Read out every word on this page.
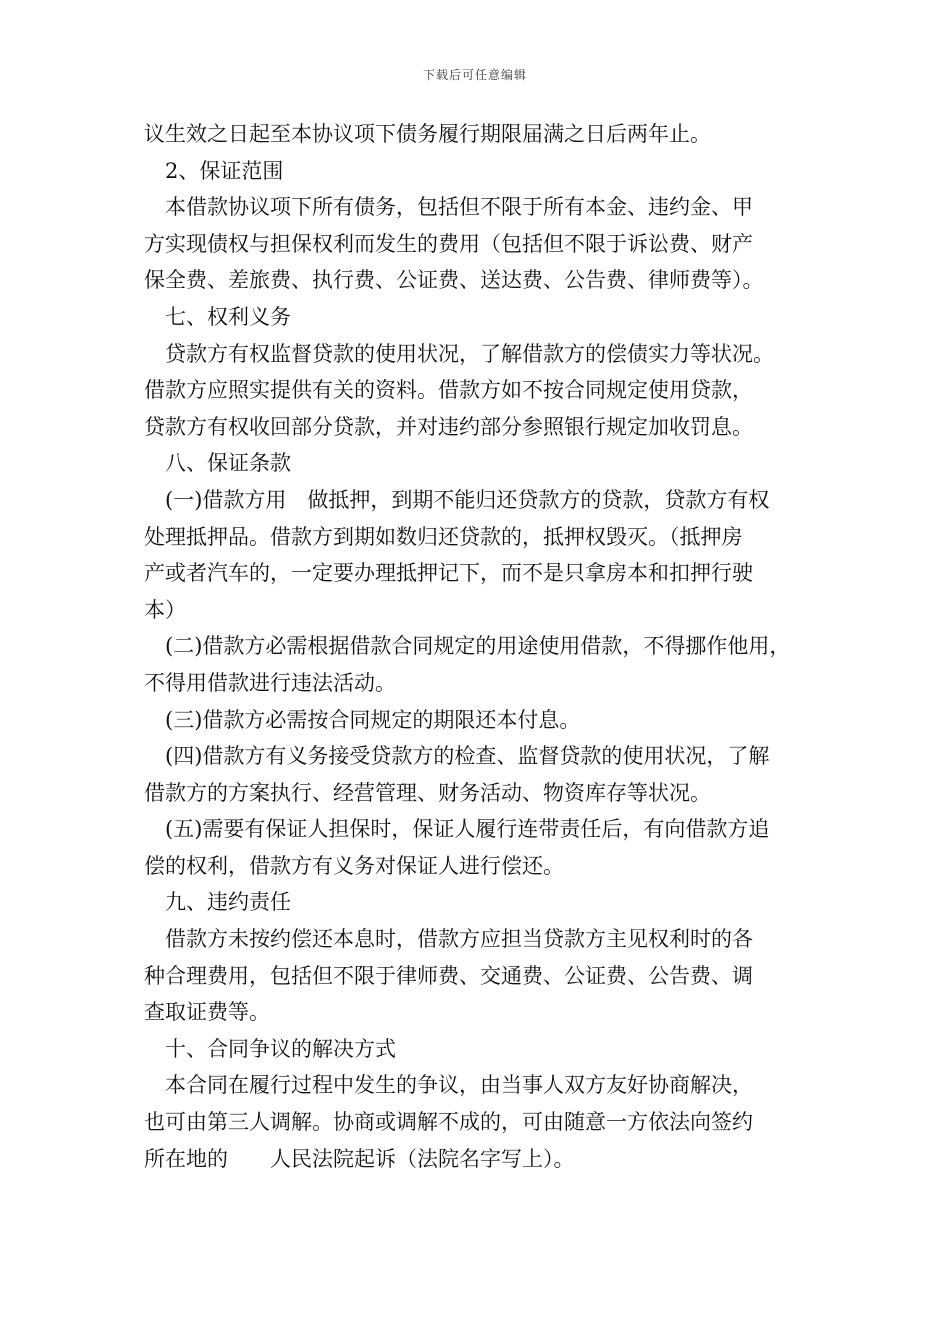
下载后可任意编辑
议生效之日起至本协议项下债务履行期限届满之日后两年止。
2、保证范围
本借款协议项下所有债务，包括但不限于所有本金、违约金、甲
方实现债权与担保权利而发生的费用（包括但不限于诉讼费、财产
保全费、差旅费、执行费、公证费、送达费、公告费、律师费等）。
七、权利义务
贷款方有权监督贷款的使用状况，了解借款方的偿债实力等状况。
借款方应照实提供有关的资料。借款方如不按合同规定使用贷款，
贷款方有权收回部分贷款，并对违约部分参照银行规定加收罚息。
八、保证条款
(一)借款方用　做抵押，到期不能归还贷款方的贷款，贷款方有权
处理抵押品。借款方到期如数归还贷款的，抵押权毁灭。（抵押房
产或者汽车的，一定要办理抵押记下，而不是只拿房本和扣押行驶
本）
(二)借款方必需根据借款合同规定的用途使用借款，不得挪作他用，
不得用借款进行违法活动。
(三)借款方必需按合同规定的期限还本付息。
(四)借款方有义务接受贷款方的检查、监督贷款的使用状况，了解
借款方的方案执行、经营管理、财务活动、物资库存等状况。
(五)需要有保证人担保时，保证人履行连带责任后，有向借款方追
偿的权利，借款方有义务对保证人进行偿还。
九、违约责任
借款方未按约偿还本息时，借款方应担当贷款方主见权利时的各
种合理费用，包括但不限于律师费、交通费、公证费、公告费、调
查取证费等。
十、合同争议的解决方式
本合同在履行过程中发生的争议，由当事人双方友好协商解决，
也可由第三人调解。协商或调解不成的，可由随意一方依法向签约
所在地的　　人民法院起诉（法院名字写上）。
